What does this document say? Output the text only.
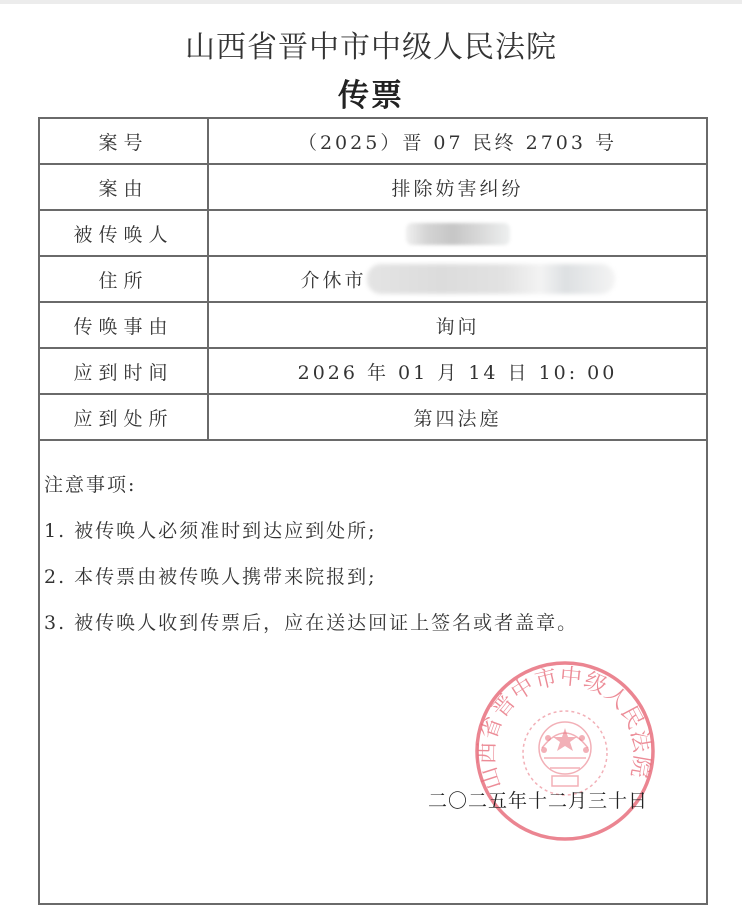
山西省晋中市中级人民法院
传票
案号	（2025）晋 07 民终 2703 号
案由	排除妨害纠纷
被传唤人	
住所	介休市
传唤事由	询问
应到时间	2026 年 01 月 14 日 10: 00
应到处所	第四法庭
注意事项:
1. 被传唤人必须准时到达应到处所;
2. 本传票由被传唤人携带来院报到;
3. 被传唤人收到传票后，应在送达回证上签名或者盖章。
山西省晋中市中级人民法院
二〇二五年十二月三十日
